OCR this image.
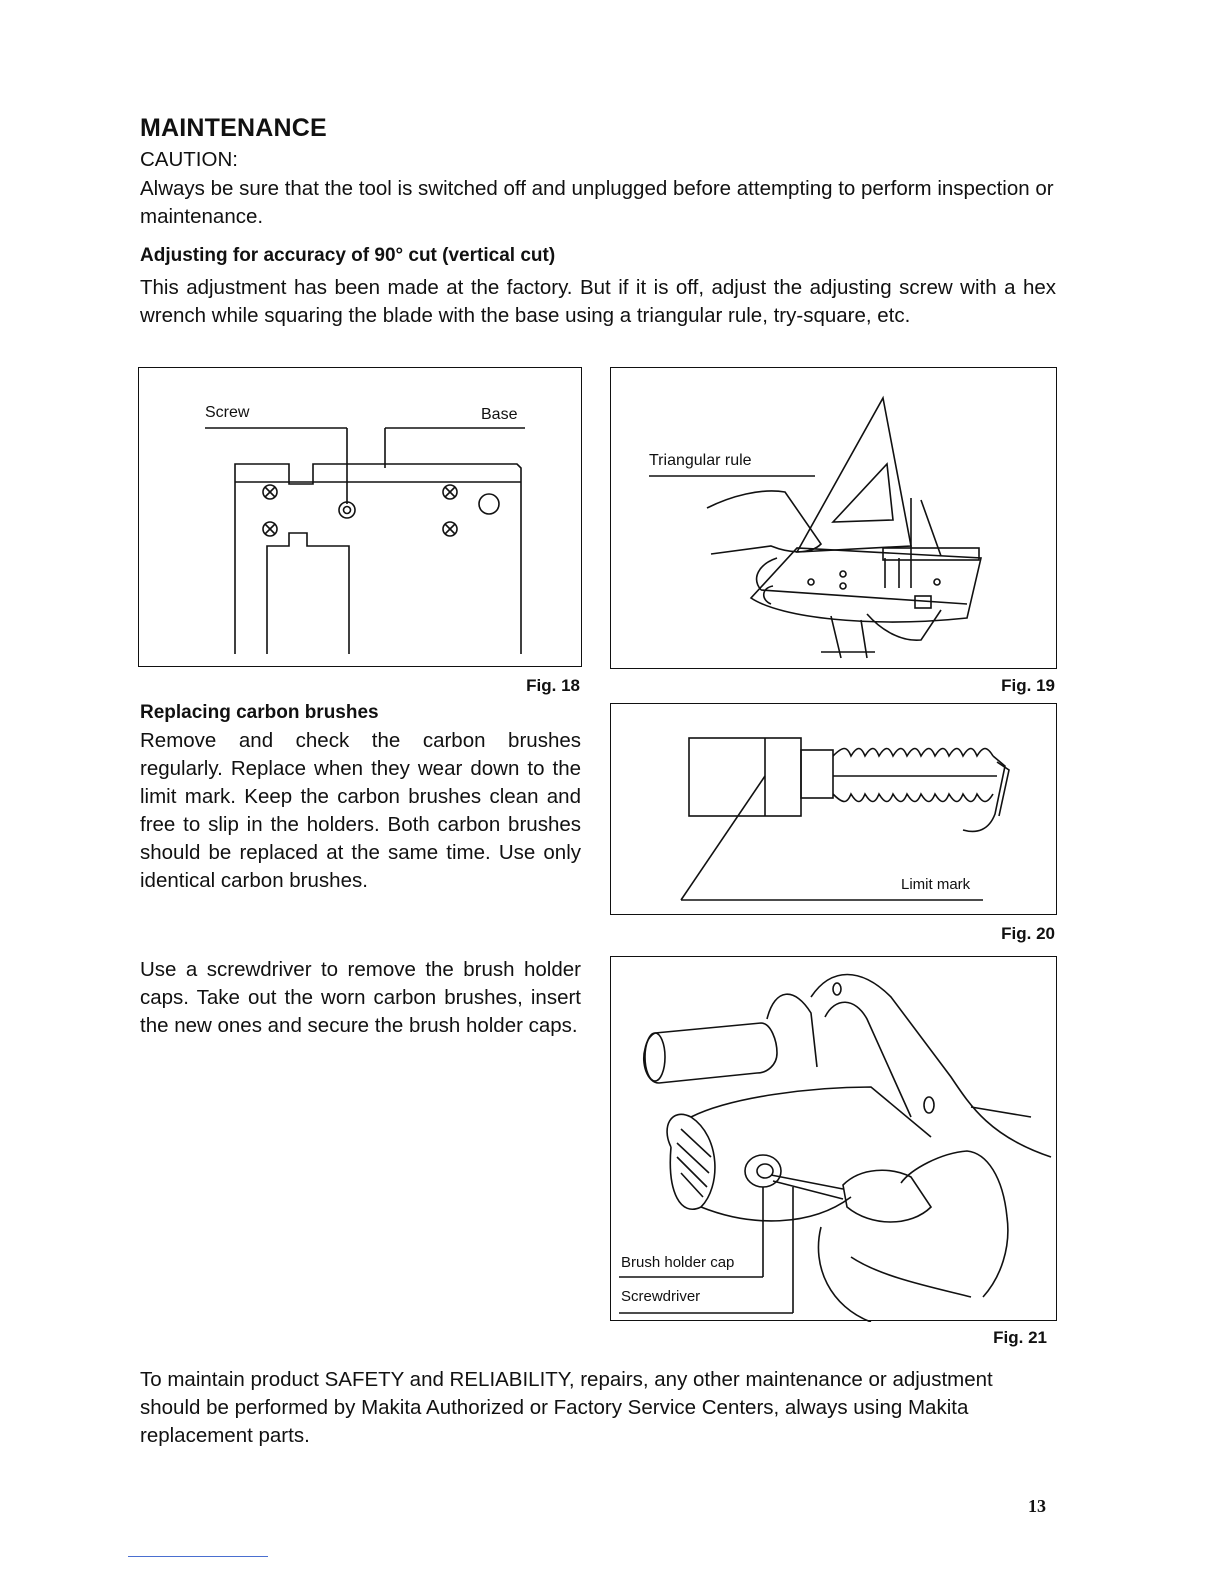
MAINTENANCE
CAUTION:
Always be sure that the tool is switched off and unplugged before attempting to perform inspection or maintenance.
Adjusting for accuracy of 90° cut (vertical cut)
This adjustment has been made at the factory. But if it is off, adjust the adjusting screw with a hex wrench while squaring the blade with the base using a triangular rule, try-square, etc.
Screw	Base
Fig. 18
Triangular rule
Fig. 19
Replacing carbon brushes
Remove and check the carbon brushes regularly. Replace when they wear down to the limit mark. Keep the carbon brushes clean and free to slip in the holders. Both carbon brushes should be replaced at the same time. Use only identical carbon brushes.
Use a screwdriver to remove the brush holder caps. Take out the worn carbon brushes, insert the new ones and secure the brush holder caps.
Limit mark
Fig. 20
Brush holder cap
Screwdriver
Fig. 21
To maintain product SAFETY and RELIABILITY, repairs, any other maintenance or adjustment should be performed by Makita Authorized or Factory Service Centers, always using Makita replacement parts.
13
